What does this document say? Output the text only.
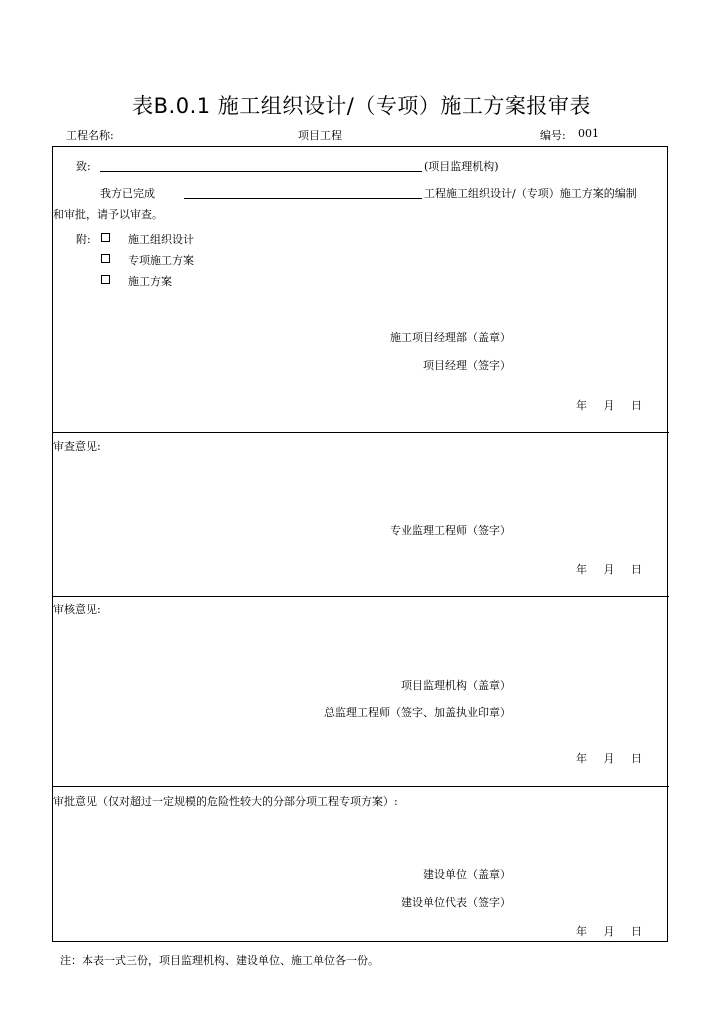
表B.0.1 施工组织设计/（专项）施工方案报审表
工程名称:	项目工程	编号: 001
致:	(项目监理机构)
我方已完成	工程施工组织设计/（专项）施工方案的编制
和审批，请予以审查。
附:	施工组织设计
专项施工方案
施工方案
施工项目经理部（盖章）
项目经理（签字）
年 月 日
审查意见:
专业监理工程师（签字）
年 月 日
审核意见:
项目监理机构（盖章）
总监理工程师（签字、加盖执业印章）
年 月 日
审批意见（仅对超过一定规模的危险性较大的分部分项工程专项方案）:
建设单位（盖章）
建设单位代表（签字）
年 月 日
注：本表一式三份，项目监理机构、建设单位、施工单位各一份。
